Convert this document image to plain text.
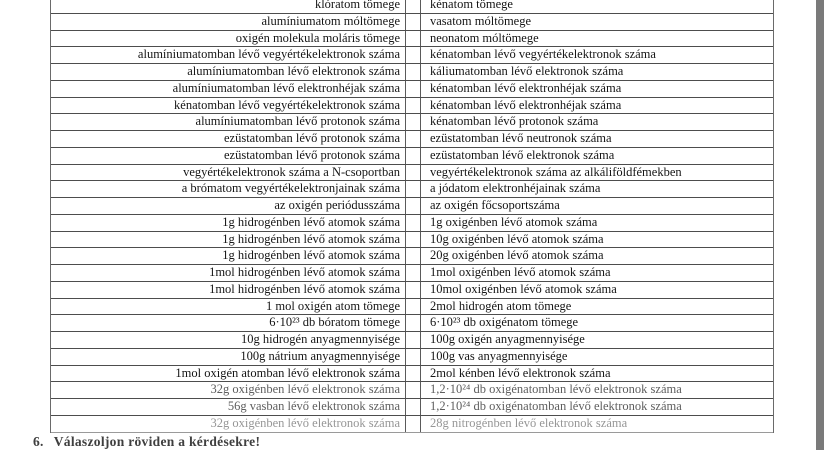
klóratom tömege	kénatom tömege
alumíniumatom móltömege	vasatom móltömege
oxigén molekula moláris tömege	neonatom móltömege
alumíniumatomban lévő vegyértékelektronok száma	kénatomban lévő vegyértékelektronok száma
alumíniumatomban lévő elektronok száma	káliumatomban lévő elektronok száma
alumíniumatomban lévő elektronhéjak száma	kénatomban lévő elektronhéjak száma
kénatomban lévő vegyértékelektronok száma	kénatomban lévő elektronhéjak száma
alumíniumatomban lévő protonok száma	kénatomban lévő protonok száma
ezüstatomban lévő protonok száma	ezüstatomban lévő neutronok száma
ezüstatomban lévő protonok száma	ezüstatomban lévő elektronok száma
vegyértékelektronok száma a N-csoportban	vegyértékelektronok száma az alkáliföldfémekben
a brómatom vegyértékelektronjainak száma	a jódatom elektronhéjainak száma
az oxigén periódusszáma	az oxigén főcsoportszáma
1g hidrogénben lévő atomok száma	1g oxigénben lévő atomok száma
1g hidrogénben lévő atomok száma	10g oxigénben lévő atomok száma
1g hidrogénben lévő atomok száma	20g oxigénben lévő atomok száma
1mol hidrogénben lévő atomok száma	1mol oxigénben lévő atomok száma
1mol hidrogénben lévő atomok száma	10mol oxigénben lévő atomok száma
1 mol oxigén atom tömege	2mol hidrogén atom tömege
6·10²³ db bóratom tömege	6·10²³ db oxigénatom tömege
10g hidrogén anyagmennyisége	100g oxigén anyagmennyisége
100g nátrium anyagmennyisége	100g vas anyagmennyisége
1mol oxigén atomban lévő elektronok száma	2mol kénben lévő elektronok száma
32g oxigénben lévő elektronok száma	1,2·10²⁴ db oxigénatomban lévő elektronok száma
56g vasban lévő elektronok száma	1,2·10²⁴ db oxigénatomban lévő elektronok száma
32g oxigénben lévő elektronok száma	28g nitrogénben lévő elektronok száma
6. Válaszoljon röviden a kérdésekre!
